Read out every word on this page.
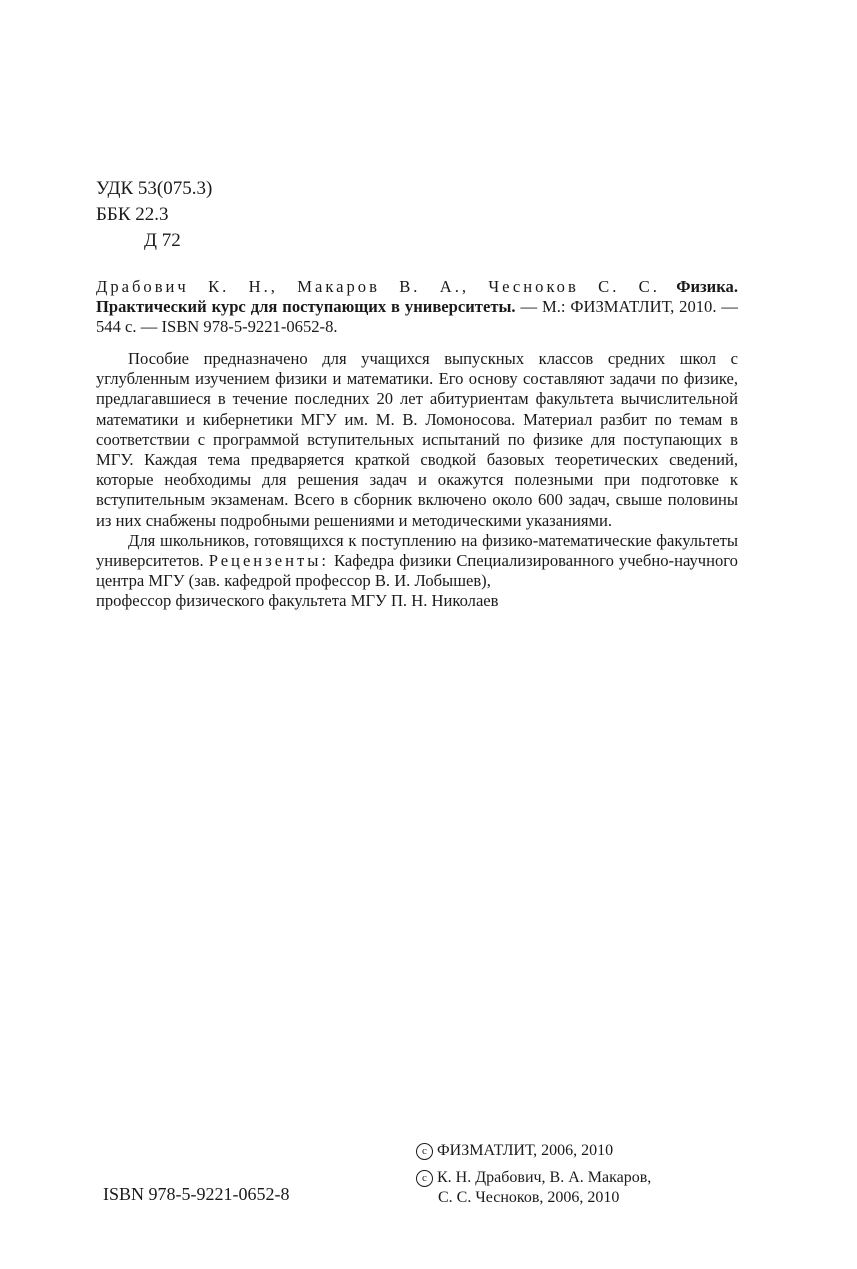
УДК 53(075.3)
ББК 22.3
Д 72
Драбович К. Н., Макаров В. А., Чесноков С. С. Физика. Практический курс для поступающих в университеты. — М.: ФИЗМАТЛИТ, 2010. — 544 с. — ISBN 978-5-9221-0652-8.

Пособие предназначено для учащихся выпускных классов средних школ с углубленным изучением физики и математики. Его основу составляют задачи по физике, предлагавшиеся в течение последних 20 лет абитуриентам факультета вычислительной математики и кибернетики МГУ им. М. В. Ломоносова. Материал разбит по темам в соответствии с программой вступительных испытаний по физике для поступающих в МГУ. Каждая тема предваряется краткой сводкой базовых теоретических сведений, которые необходимы для решения задач и окажутся полезными при подготовке к вступительным экзаменам. Всего в сборник включено около 600 задач, свыше половины из них снабжены подробными решениями и методическими указаниями.

Для школьников, готовящихся к поступлению на физико-математические факультеты университетов. Рецензенты: Кафедра физики Специализированного учебно-научного центра МГУ (зав. кафедрой профессор В. И. Лобышев),

профессор физического факультета МГУ П. Н. Николаев

ISBN 978-5-9221-0652-8
c ФИЗМАТЛИТ, 2006, 2010
c К. Н. Драбович, В. А. Макаров,
С. С. Чесноков, 2006, 2010
